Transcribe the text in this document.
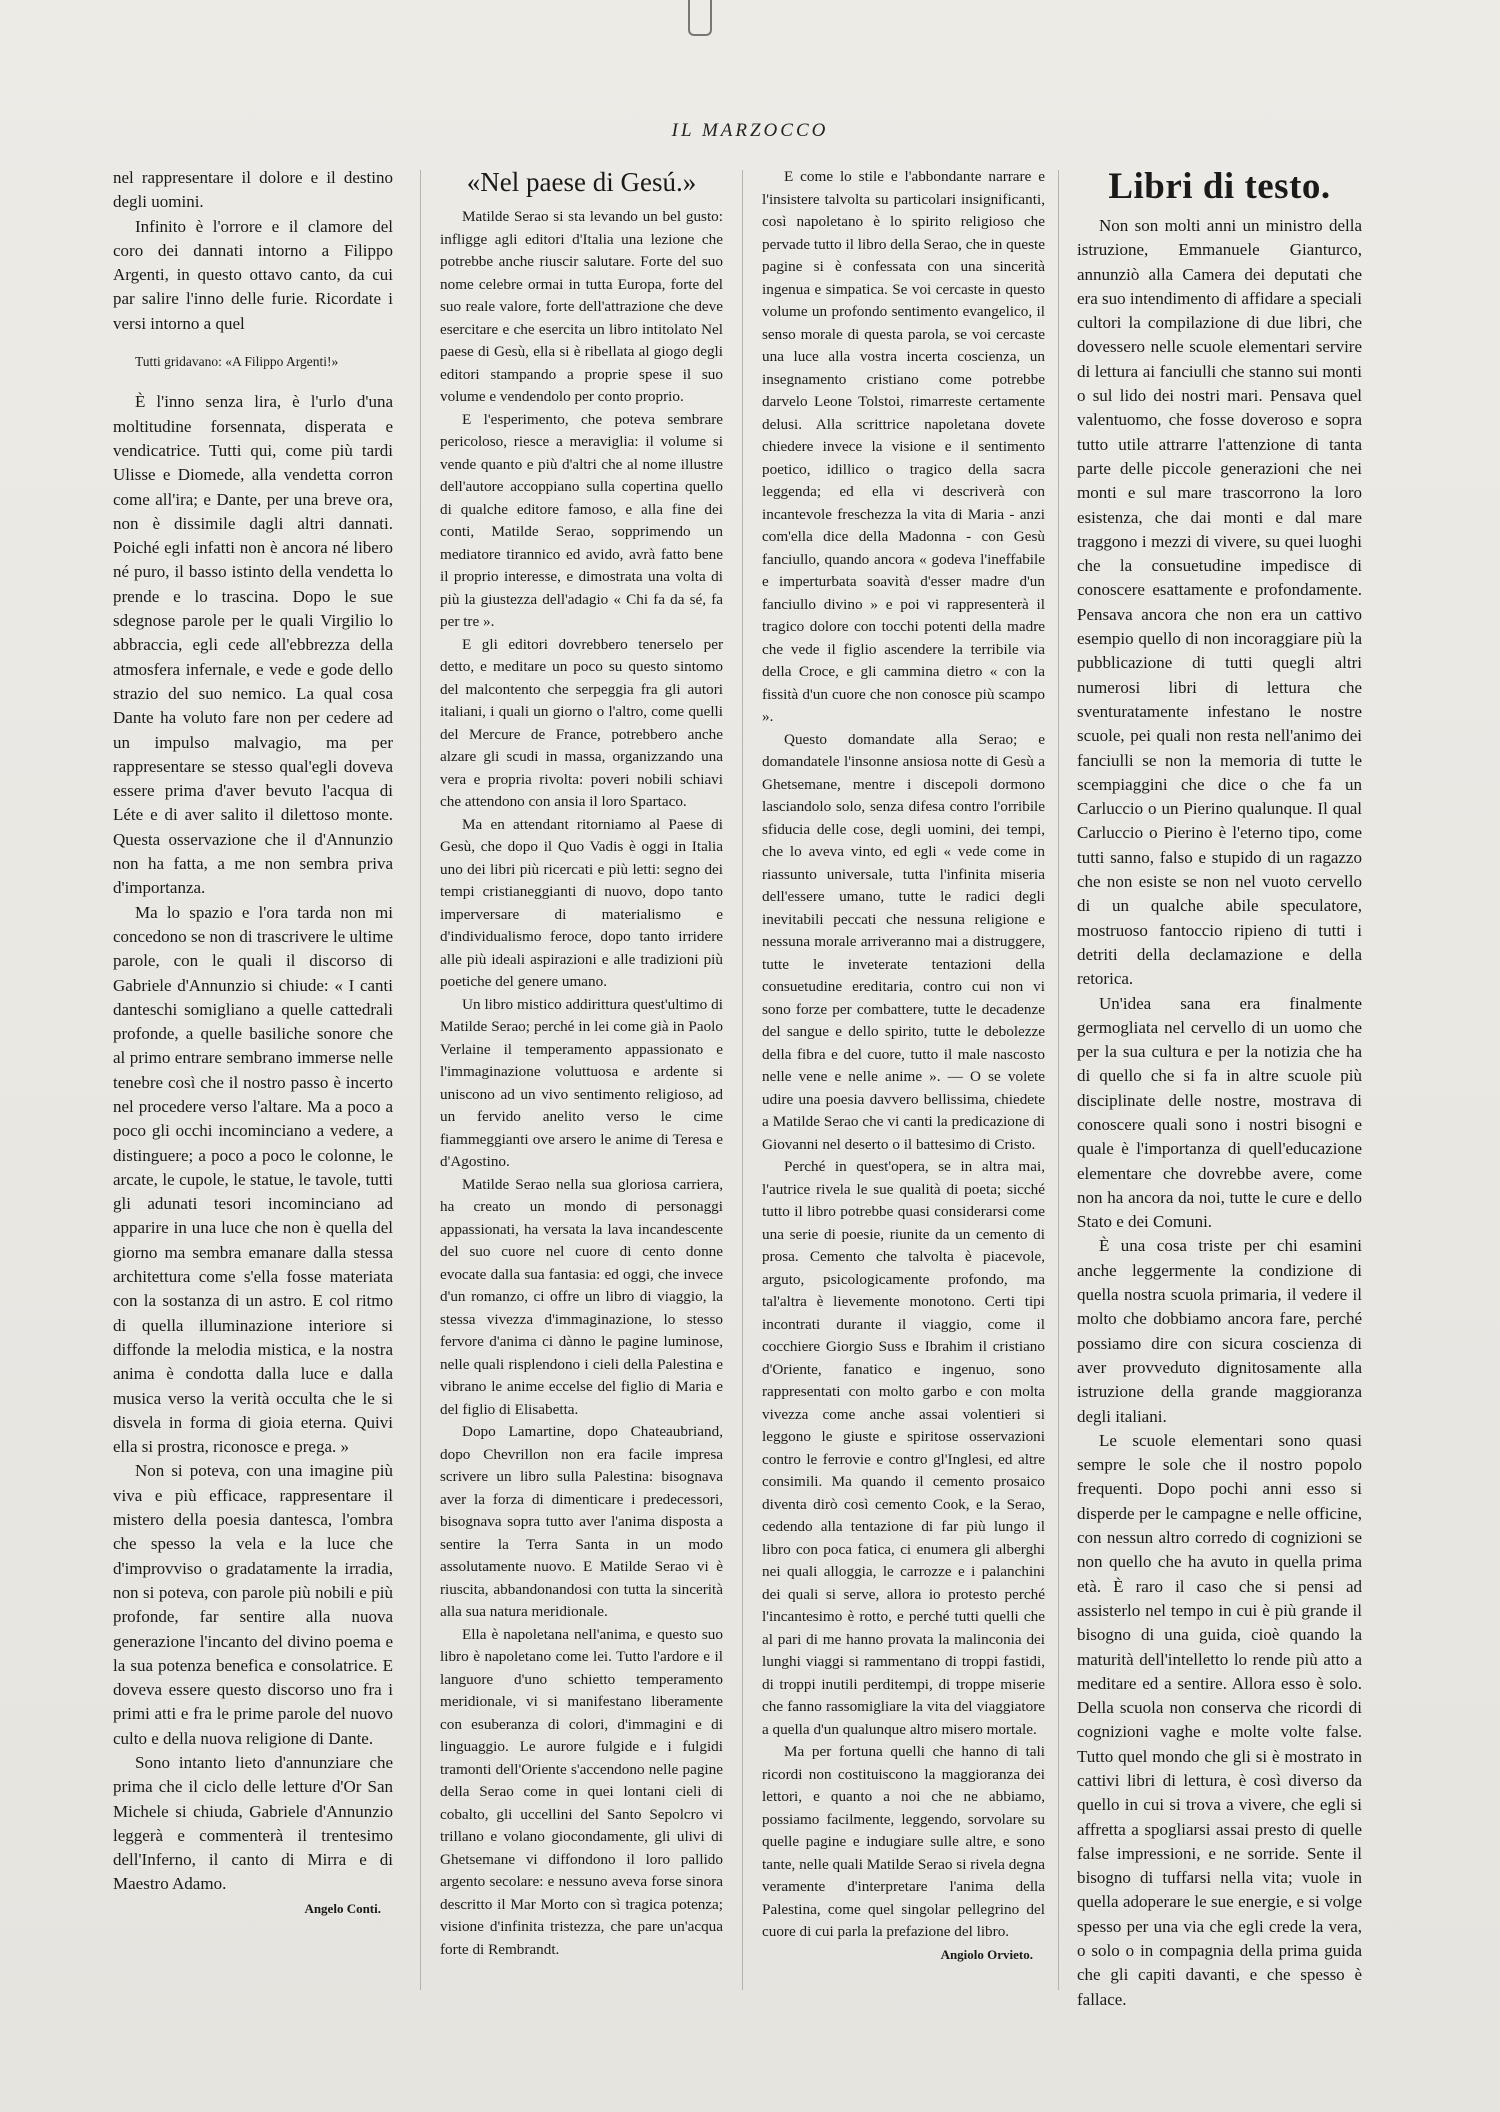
IL MARZOCCO

nel rappresentare il dolore e il destino degli uomini.

Infinito è l'orrore e il clamore del coro dei dannati intorno a Filippo Argenti, in questo ottavo canto, da cui par salire l'inno delle furie. Ricordate i versi intorno a quel

Tutti gridavano: «A Filippo Argenti!»

È l'inno senza lira, è l'urlo d'una moltitudine forsennata, disperata e vendicatrice. Tutti qui, come più tardi Ulisse e Diomede, alla vendetta corron come all'ira; e Dante, per una breve ora, non è dissimile dagli altri dannati. Poiché egli infatti non è ancora né libero né puro, il basso istinto della vendetta lo prende e lo trascina. Dopo le sue sdegnose parole per le quali Virgilio lo abbraccia, egli cede all'ebbrezza della atmosfera infernale, e vede e gode dello strazio del suo nemico. La qual cosa Dante ha voluto fare non per cedere ad un impulso malvagio, ma per rappresentare se stesso qual'egli doveva essere prima d'aver bevuto l'acqua di Léte e di aver salito il dilettoso monte. Questa osservazione che il d'Annunzio non ha fatta, a me non sembra priva d'importanza.

Ma lo spazio e l'ora tarda non mi concedono se non di trascrivere le ultime parole, con le quali il discorso di Gabriele d'Annunzio si chiude: « I canti danteschi somigliano a quelle cattedrali profonde, a quelle basiliche sonore che al primo entrare sembrano immerse nelle tenebre così che il nostro passo è incerto nel procedere verso l'altare. Ma a poco a poco gli occhi incominciano a vedere, a distinguere; a poco a poco le colonne, le arcate, le cupole, le statue, le tavole, tutti gli adunati tesori incominciano ad apparire in una luce che non è quella del giorno ma sembra emanare dalla stessa architettura come s'ella fosse materiata con la sostanza di un astro. E col ritmo di quella illuminazione interiore si diffonde la melodia mistica, e la nostra anima è condotta dalla luce e dalla musica verso la verità occulta che le si disvela in forma di gioia eterna. Quivi ella si prostra, riconosce e prega. »

Non si poteva, con una imagine più viva e più efficace, rappresentare il mistero della poesia dantesca, l'ombra che spesso la vela e la luce che d'improvviso o gradatamente la irradia, non si poteva, con parole più nobili e più profonde, far sentire alla nuova generazione l'incanto del divino poema e la sua potenza benefica e consolatrice. E doveva essere questo discorso uno fra i primi atti e fra le prime parole del nuovo culto e della nuova religione di Dante.

Sono intanto lieto d'annunziare che prima che il ciclo delle letture d'Or San Michele si chiuda, Gabriele d'Annunzio leggerà e commenterà il trentesimo dell'Inferno, il canto di Mirra e di Maestro Adamo.

Angelo Conti.

«Nel paese di Gesú.»

Matilde Serao si sta levando un bel gusto: infligge agli editori d'Italia una lezione che potrebbe anche riuscir salutare. Forte del suo nome celebre ormai in tutta Europa, forte del suo reale valore, forte dell'attrazione che deve esercitare e che esercita un libro intitolato Nel paese di Gesù, ella si è ribellata al giogo degli editori stampando a proprie spese il suo volume e vendendolo per conto proprio.

E l'esperimento, che poteva sembrare pericoloso, riesce a meraviglia: il volume si vende quanto e più d'altri che al nome illustre dell'autore accoppiano sulla copertina quello di qualche editore famoso, e alla fine dei conti, Matilde Serao, sopprimendo un mediatore tirannico ed avido, avrà fatto bene il proprio interesse, e dimostrata una volta di più la giustezza dell'adagio « Chi fa da sé, fa per tre ».

E gli editori dovrebbero tenerselo per detto, e meditare un poco su questo sintomo del malcontento che serpeggia fra gli autori italiani, i quali un giorno o l'altro, come quelli del Mercure de France, potrebbero anche alzare gli scudi in massa, organizzando una vera e propria rivolta: poveri nobili schiavi che attendono con ansia il loro Spartaco.

Ma en attendant ritorniamo al Paese di Gesù, che dopo il Quo Vadis è oggi in Italia uno dei libri più ricercati e più letti: segno dei tempi cristianeggianti di nuovo, dopo tanto imperversare di materialismo e d'individualismo feroce, dopo tanto irridere alle più ideali aspirazioni e alle tradizioni più poetiche del genere umano.

Un libro mistico addirittura quest'ultimo di Matilde Serao; perché in lei come già in Paolo Verlaine il temperamento appassionato e l'immaginazione voluttuosa e ardente si uniscono ad un vivo sentimento religioso, ad un fervido anelito verso le cime fiammeggianti ove arsero le anime di Teresa e d'Agostino.

Matilde Serao nella sua gloriosa carriera, ha creato un mondo di personaggi appassionati, ha versata la lava incandescente del suo cuore nel cuore di cento donne evocate dalla sua fantasia: ed oggi, che invece d'un romanzo, ci offre un libro di viaggio, la stessa vivezza d'immaginazione, lo stesso fervore d'anima ci dànno le pagine luminose, nelle quali risplendono i cieli della Palestina e vibrano le anime eccelse del figlio di Maria e del figlio di Elisabetta.

Dopo Lamartine, dopo Chateaubriand, dopo Chevrillon non era facile impresa scrivere un libro sulla Palestina: bisognava aver la forza di dimenticare i predecessori, bisognava sopra tutto aver l'anima disposta a sentire la Terra Santa in un modo assolutamente nuovo. E Matilde Serao vi è riuscita, abbandonandosi con tutta la sincerità alla sua natura meridionale.

Ella è napoletana nell'anima, e questo suo libro è napoletano come lei. Tutto l'ardore e il languore d'uno schietto temperamento meridionale, vi si manifestano liberamente con esuberanza di colori, d'immagini e di linguaggio. Le aurore fulgide e i fulgidi tramonti dell'Oriente s'accendono nelle pagine della Serao come in quei lontani cieli di cobalto, gli uccellini del Santo Sepolcro vi trillano e volano giocondamente, gli ulivi di Ghetsemane vi diffondono il loro pallido argento secolare: e nessuno aveva forse sinora descritto il Mar Morto con sì tragica potenza; visione d'infinita tristezza, che pare un'acqua forte di Rembrandt.

E come lo stile e l'abbondante narrare e l'insistere talvolta su particolari insignificanti, così napoletano è lo spirito religioso che pervade tutto il libro della Serao, che in queste pagine si è confessata con una sincerità ingenua e simpatica. Se voi cercaste in questo volume un profondo sentimento evangelico, il senso morale di questa parola, se voi cercaste una luce alla vostra incerta coscienza, un insegnamento cristiano come potrebbe darvelo Leone Tolstoi, rimarreste certamente delusi. Alla scrittrice napoletana dovete chiedere invece la visione e il sentimento poetico, idillico o tragico della sacra leggenda; ed ella vi descriverà con incantevole freschezza la vita di Maria - anzi com'ella dice della Madonna - con Gesù fanciullo, quando ancora « godeva l'ineffabile e imperturbata soavità d'esser madre d'un fanciullo divino » e poi vi rappresenterà il tragico dolore con tocchi potenti della madre che vede il figlio ascendere la terribile via della Croce, e gli cammina dietro « con la fissità d'un cuore che non conosce più scampo ».

Questo domandate alla Serao; e domandatele l'insonne ansiosa notte di Gesù a Ghetsemane, mentre i discepoli dormono lasciandolo solo, senza difesa contro l'orribile sfiducia delle cose, degli uomini, dei tempi, che lo aveva vinto, ed egli « vede come in riassunto universale, tutta l'infinita miseria dell'essere umano, tutte le radici degli inevitabili peccati che nessuna religione e nessuna morale arriveranno mai a distruggere, tutte le inveterate tentazioni della consuetudine ereditaria, contro cui non vi sono forze per combattere, tutte le decadenze del sangue e dello spirito, tutte le debolezze della fibra e del cuore, tutto il male nascosto nelle vene e nelle anime ». — O se volete udire una poesia davvero bellissima, chiedete a Matilde Serao che vi canti la predicazione di Giovanni nel deserto o il battesimo di Cristo.

Perché in quest'opera, se in altra mai, l'autrice rivela le sue qualità di poeta; sicché tutto il libro potrebbe quasi considerarsi come una serie di poesie, riunite da un cemento di prosa. Cemento che talvolta è piacevole, arguto, psicologicamente profondo, ma tal'altra è lievemente monotono. Certi tipi incontrati durante il viaggio, come il cocchiere Giorgio Suss e Ibrahim il cristiano d'Oriente, fanatico e ingenuo, sono rappresentati con molto garbo e con molta vivezza come anche assai volentieri si leggono le giuste e spiritose osservazioni contro le ferrovie e contro gl'Inglesi, ed altre consimili. Ma quando il cemento prosaico diventa dirò così cemento Cook, e la Serao, cedendo alla tentazione di far più lungo il libro con poca fatica, ci enumera gli alberghi nei quali alloggia, le carrozze e i palanchini dei quali si serve, allora io protesto perché l'incantesimo è rotto, e perché tutti quelli che al pari di me hanno provata la malinconia dei lunghi viaggi si rammentano di troppi fastidi, di troppi inutili perditempi, di troppe miserie che fanno rassomigliare la vita del viaggiatore a quella d'un qualunque altro misero mortale.

Ma per fortuna quelli che hanno di tali ricordi non costituiscono la maggioranza dei lettori, e quanto a noi che ne abbiamo, possiamo facilmente, leggendo, sorvolare su quelle pagine e indugiare sulle altre, e sono tante, nelle quali Matilde Serao si rivela degna veramente d'interpretare l'anima della Palestina, come quel singolar pellegrino del cuore di cui parla la prefazione del libro.

Angiolo Orvieto.

Libri di testo.

Non son molti anni un ministro della istruzione, Emmanuele Gianturco, annunziò alla Camera dei deputati che era suo intendimento di affidare a speciali cultori la compilazione di due libri, che dovessero nelle scuole elementari servire di lettura ai fanciulli che stanno sui monti o sul lido dei nostri mari. Pensava quel valentuomo, che fosse doveroso e sopra tutto utile attrarre l'attenzione di tanta parte delle piccole generazioni che nei monti e sul mare trascorrono la loro esistenza, che dai monti e dal mare traggono i mezzi di vivere, su quei luoghi che la consuetudine impedisce di conoscere esattamente e profondamente. Pensava ancora che non era un cattivo esempio quello di non incoraggiare più la pubblicazione di tutti quegli altri numerosi libri di lettura che sventuratamente infestano le nostre scuole, pei quali non resta nell'animo dei fanciulli se non la memoria di tutte le scempiaggini che dice o che fa un Carluccio o un Pierino qualunque. Il qual Carluccio o Pierino è l'eterno tipo, come tutti sanno, falso e stupido di un ragazzo che non esiste se non nel vuoto cervello di un qualche abile speculatore, mostruoso fantoccio ripieno di tutti i detriti della declamazione e della retorica.

Un'idea sana era finalmente germogliata nel cervello di un uomo che per la sua cultura e per la notizia che ha di quello che si fa in altre scuole più disciplinate delle nostre, mostrava di conoscere quali sono i nostri bisogni e quale è l'importanza di quell'educazione elementare che dovrebbe avere, come non ha ancora da noi, tutte le cure e dello Stato e dei Comuni.

È una cosa triste per chi esamini anche leggermente la condizione di quella nostra scuola primaria, il vedere il molto che dobbiamo ancora fare, perché possiamo dire con sicura coscienza di aver provveduto dignitosamente alla istruzione della grande maggioranza degli italiani.

Le scuole elementari sono quasi sempre le sole che il nostro popolo frequenti. Dopo pochi anni esso si disperde per le campagne e nelle officine, con nessun altro corredo di cognizioni se non quello che ha avuto in quella prima età. È raro il caso che si pensi ad assisterlo nel tempo in cui è più grande il bisogno di una guida, cioè quando la maturità dell'intelletto lo rende più atto a meditare ed a sentire. Allora esso è solo. Della scuola non conserva che ricordi di cognizioni vaghe e molte volte false. Tutto quel mondo che gli si è mostrato in cattivi libri di lettura, è così diverso da quello in cui si trova a vivere, che egli si affretta a spogliarsi assai presto di quelle false impressioni, e ne sorride. Sente il bisogno di tuffarsi nella vita; vuole in quella adoperare le sue energie, e si volge spesso per una via che egli crede la vera, o solo o in compagnia della prima guida che gli capiti davanti, e che spesso è fallace.
